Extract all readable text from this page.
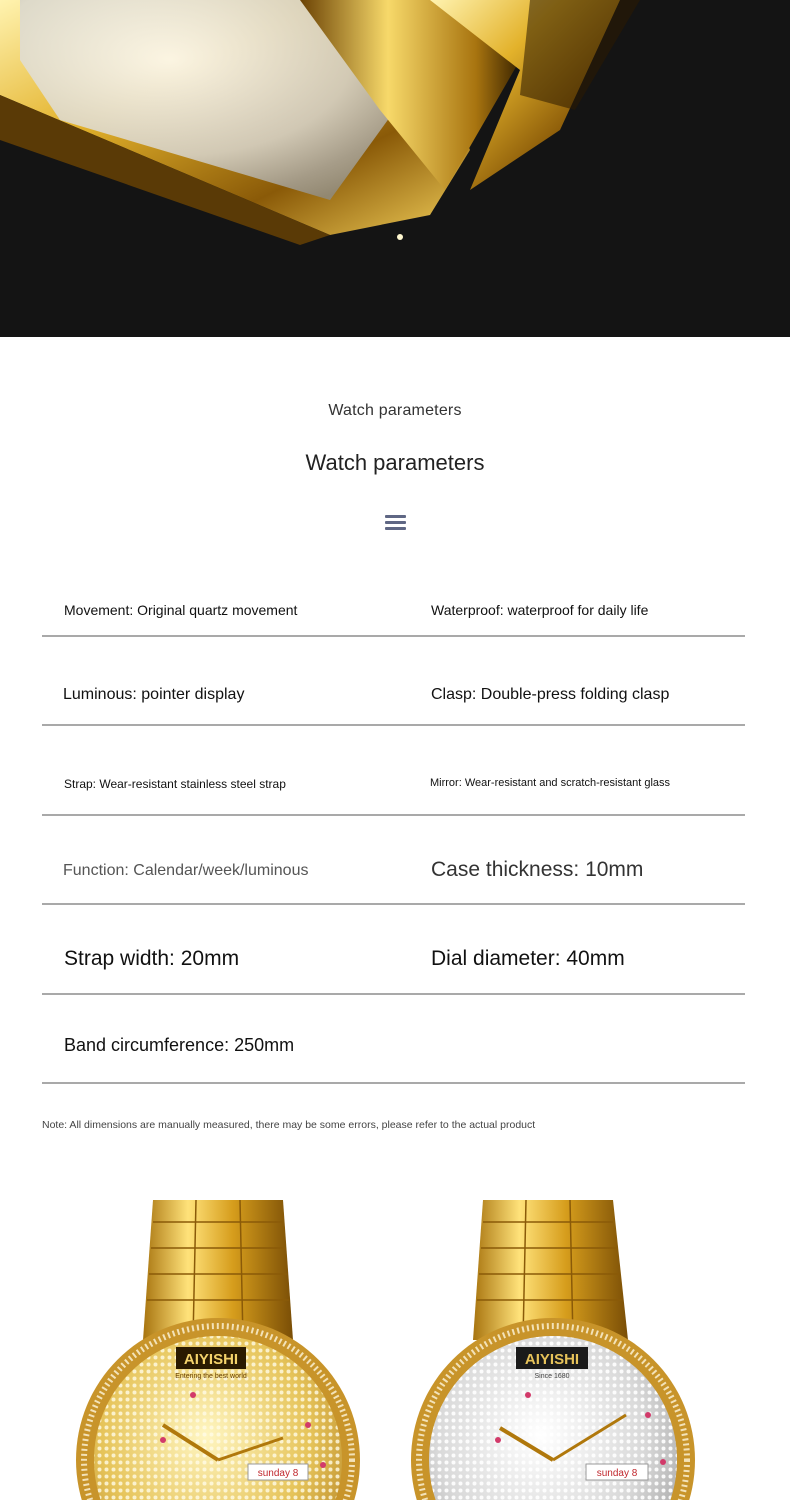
Watch parameters
Watch parameters
Movement: Original quartz movement	Waterproof: waterproof for daily life
Luminous: pointer display	Clasp: Double-press folding clasp
Strap: Wear-resistant stainless steel strap	Mirror: Wear-resistant and scratch-resistant glass
Function: Calendar/week/luminous	Case thickness: 10mm
Strap width: 20mm	Dial diameter: 40mm
Band circumference: 250mm
Note: All dimensions are manually measured, there may be some errors, please refer to the actual product
AIYISHI
Entering the best world
sunday 8
AIYISHI
Since 1680
sunday 8
